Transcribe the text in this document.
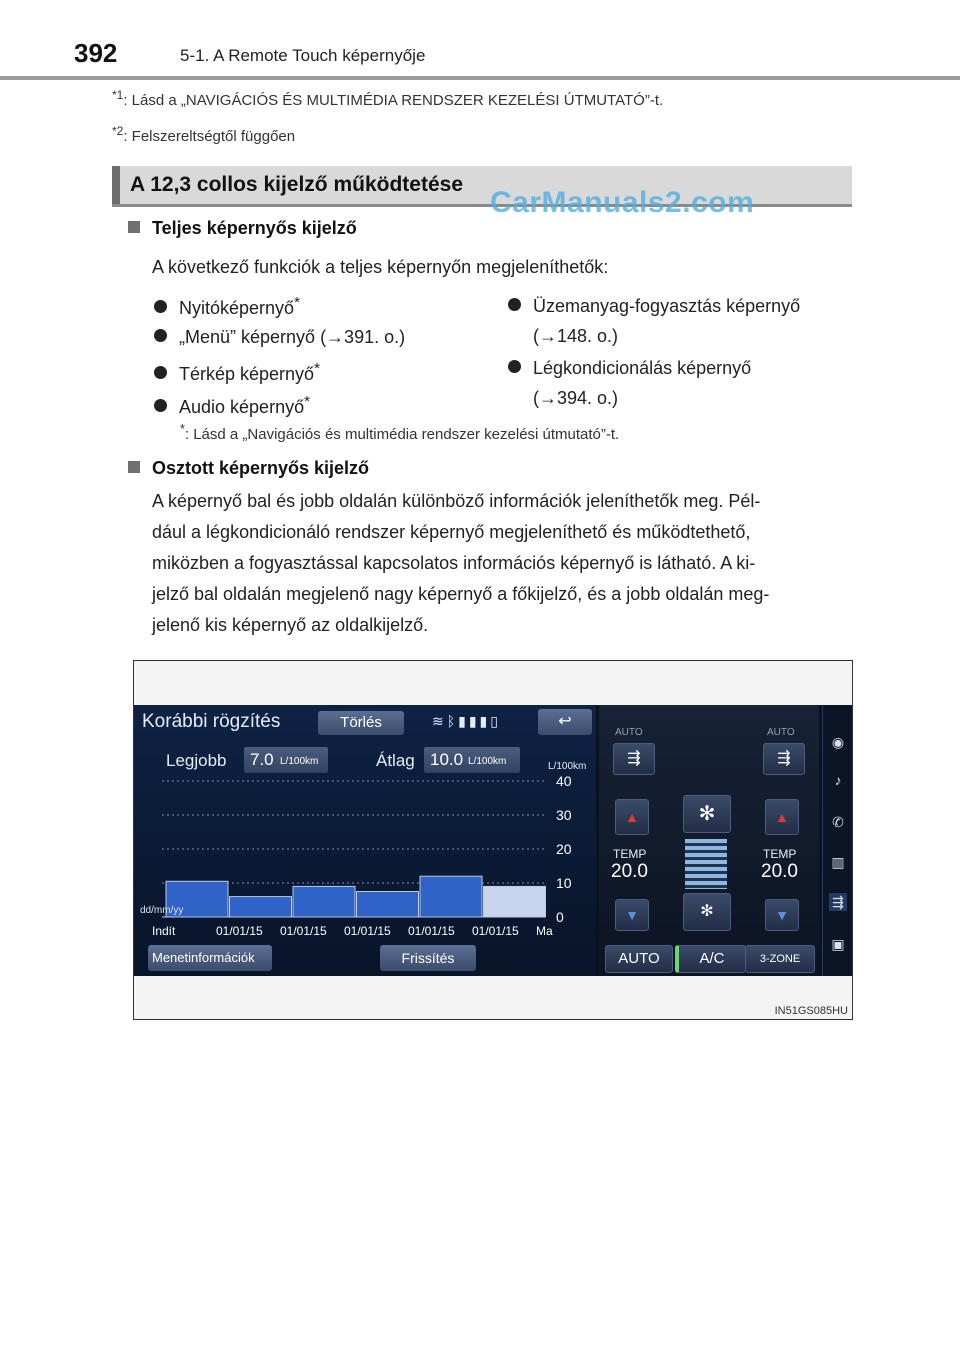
392	5-1. A Remote Touch képernyője
$^{*1}$: Lásd a „NAVIGÁCIÓS ÉS MULTIMÉDIA RENDSZER KEZELÉSI ÚTMUTATÓ”-t.
$^{*2}$: Felszereltségtől függően
A 12,3 collos kijelző működtetése
CarManuals2.com
Teljes képernyős kijelző
A következő funkciók a teljes képernyőn megjeleníthetők:
Nyitóképernyő*
„Menü” képernyő (→391. o.)
Térkép képernyő*
Audio képernyő*
Üzemanyag-fogyasztás képernyő
(→148. o.)
Légkondicionálás képernyő
(→394. o.)
*: Lásd a „Navigációs és multimédia rendszer kezelési útmutató”-t.
Osztott képernyős kijelző
A képernyő bal és jobb oldalán különböző információk jeleníthetők meg. Pél-
dául a légkondicionáló rendszer képernyő megjeleníthető és működtethető,
miközben a fogyasztással kapcsolatos információs képernyő is látható. A ki-
jelző bal oldalán megjelenő nagy képernyő a főkijelző, és a jobb oldalán meg-
jelenő kis képernyő az oldalkijelző.
Korábbi rögzítés	Törlés	≋ᛒ▮▮▮▯	↩
Legjobb 7.0 L/100km	Átlag 10.0 L/100km	L/100km
40
30
20
10
0
dd/mm/yy
Indít	01/01/15 01/01/15 01/01/15 01/01/15 01/01/15 Ma
Menetinformációk	Frissítés
AUTO
⇶
AUTO
⇶
▲	▲
✻
✻
TEMP
20.0
TEMP
20.0
▼	▼
AUTO	A/C	3-ZONE
◉
♪
✆
▥
⇶
▣
IN51GS085HU
